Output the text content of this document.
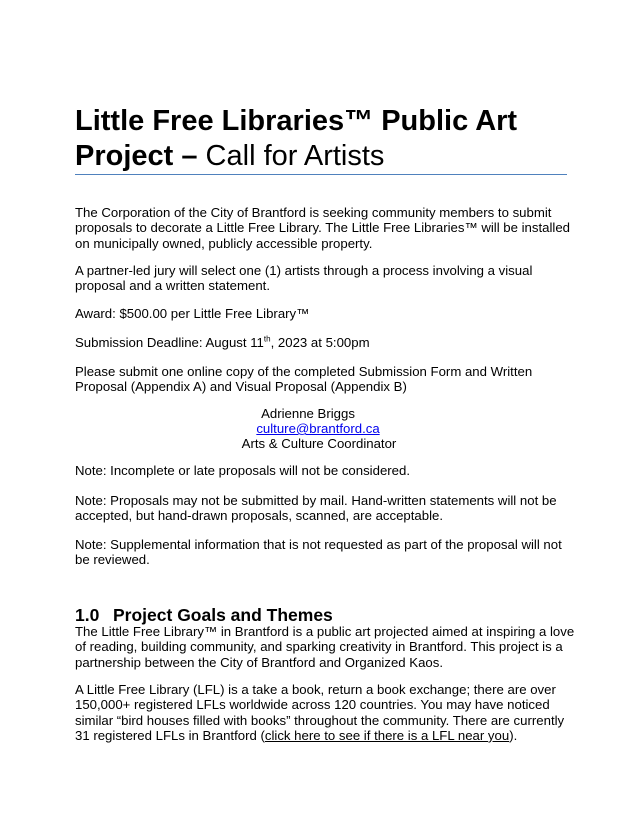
Little Free Libraries™ Public Art
Project – Call for Artists

The Corporation of the City of Brantford is seeking community members to submit proposals to decorate a Little Free Library. The Little Free Libraries™ will be installed on municipally owned, publicly accessible property.

A partner-led jury will select one (1) artists through a process involving a visual proposal and a written statement.

Award: $500.00 per Little Free Library™

Submission Deadline: August 11th, 2023 at 5:00pm

Please submit one online copy of the completed Submission Form and Written Proposal (Appendix A) and Visual Proposal (Appendix B)

Adrienne Briggs
culture@brantford.ca
Arts & Culture Coordinator

Note: Incomplete or late proposals will not be considered.

Note: Proposals may not be submitted by mail. Hand-written statements will not be accepted, but hand-drawn proposals, scanned, are acceptable.

Note: Supplemental information that is not requested as part of the proposal will not be reviewed.

1.0 Project Goals and Themes

The Little Free Library™ in Brantford is a public art projected aimed at inspiring a love of reading, building community, and sparking creativity in Brantford. This project is a partnership between the City of Brantford and Organized Kaos.

A Little Free Library (LFL) is a take a book, return a book exchange; there are over 150,000+ registered LFLs worldwide across 120 countries. You may have noticed similar “bird houses filled with books” throughout the community. There are currently 31 registered LFLs in Brantford (click here to see if there is a LFL near you).
